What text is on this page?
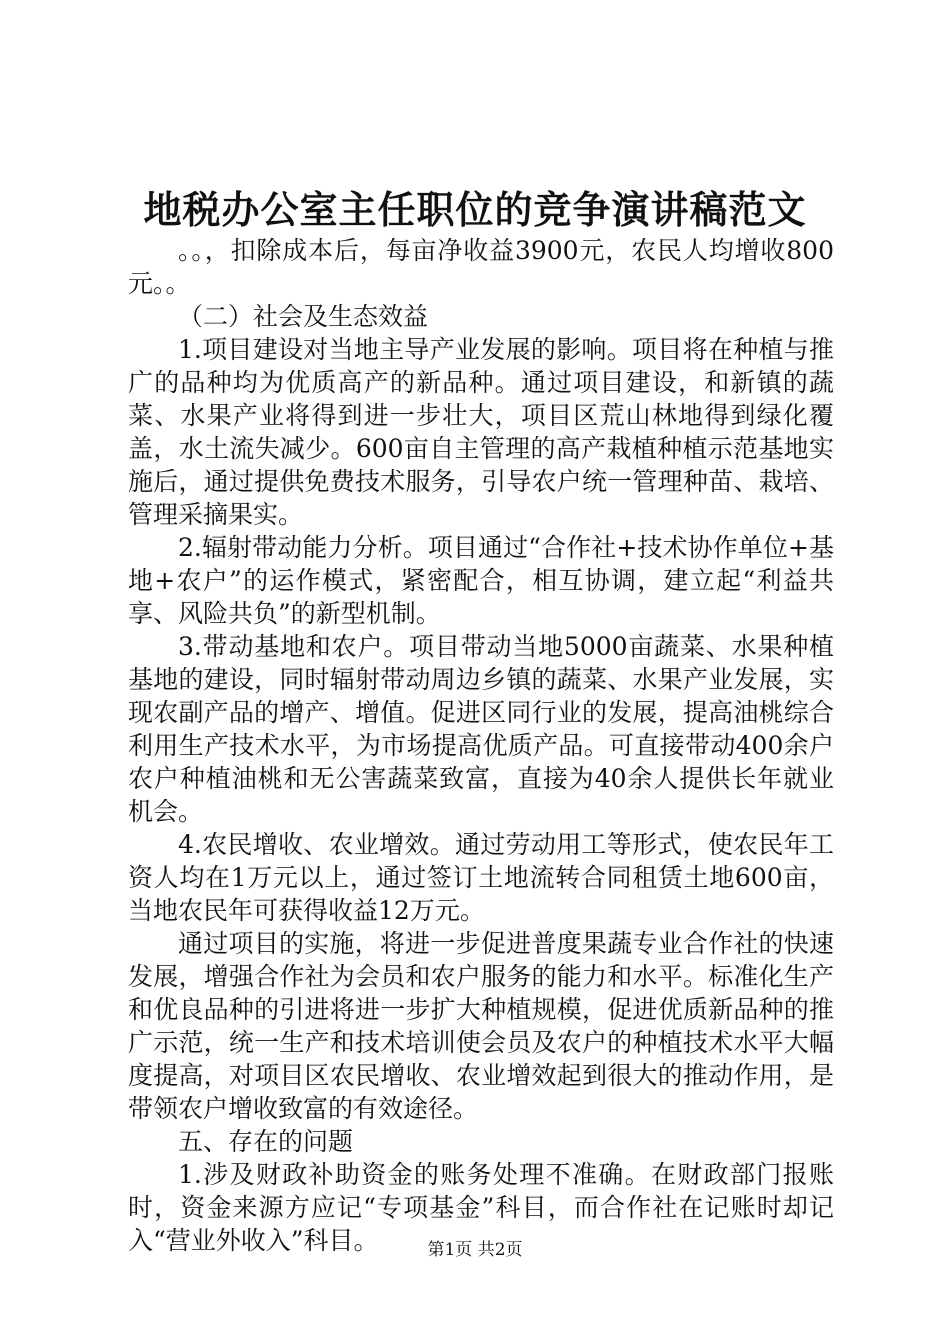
地税办公室主任职位的竞争演讲稿范文

。。，扣除成本后，每亩净收益3900元，农民人均增收800元。。

（二）社会及生态效益

1.项目建设对当地主导产业发展的影响。项目将在种植与推广的品种均为优质高产的新品种。通过项目建设，和新镇的蔬菜、水果产业将得到进一步壮大，项目区荒山林地得到绿化覆盖，水土流失减少。600亩自主管理的高产栽植种植示范基地实施后，通过提供免费技术服务，引导农户统一管理种苗、栽培、管理采摘果实。

2.辐射带动能力分析。项目通过“合作社+技术协作单位+基地+农户”的运作模式，紧密配合，相互协调，建立起“利益共享、风险共负”的新型机制。

3.带动基地和农户。项目带动当地5000亩蔬菜、水果种植基地的建设，同时辐射带动周边乡镇的蔬菜、水果产业发展，实现农副产品的增产、增值。促进区同行业的发展，提高油桃综合利用生产技术水平，为市场提高优质产品。可直接带动400余户农户种植油桃和无公害蔬菜致富，直接为40余人提供长年就业机会。

4.农民增收、农业增效。通过劳动用工等形式，使农民年工资人均在1万元以上，通过签订土地流转合同租赁土地600亩，当地农民年可获得收益12万元。

通过项目的实施，将进一步促进普度果蔬专业合作社的快速发展，增强合作社为会员和农户服务的能力和水平。标准化生产和优良品种的引进将进一步扩大种植规模，促进优质新品种的推广示范，统一生产和技术培训使会员及农户的种植技术水平大幅度提高，对项目区农民增收、农业增效起到很大的推动作用，是带领农户增收致富的有效途径。

五、存在的问题

1.涉及财政补助资金的账务处理不准确。在财政部门报账时，资金来源方应记“专项基金”科目，而合作社在记账时却记入“营业外收入”科目。	第1页 共2页
